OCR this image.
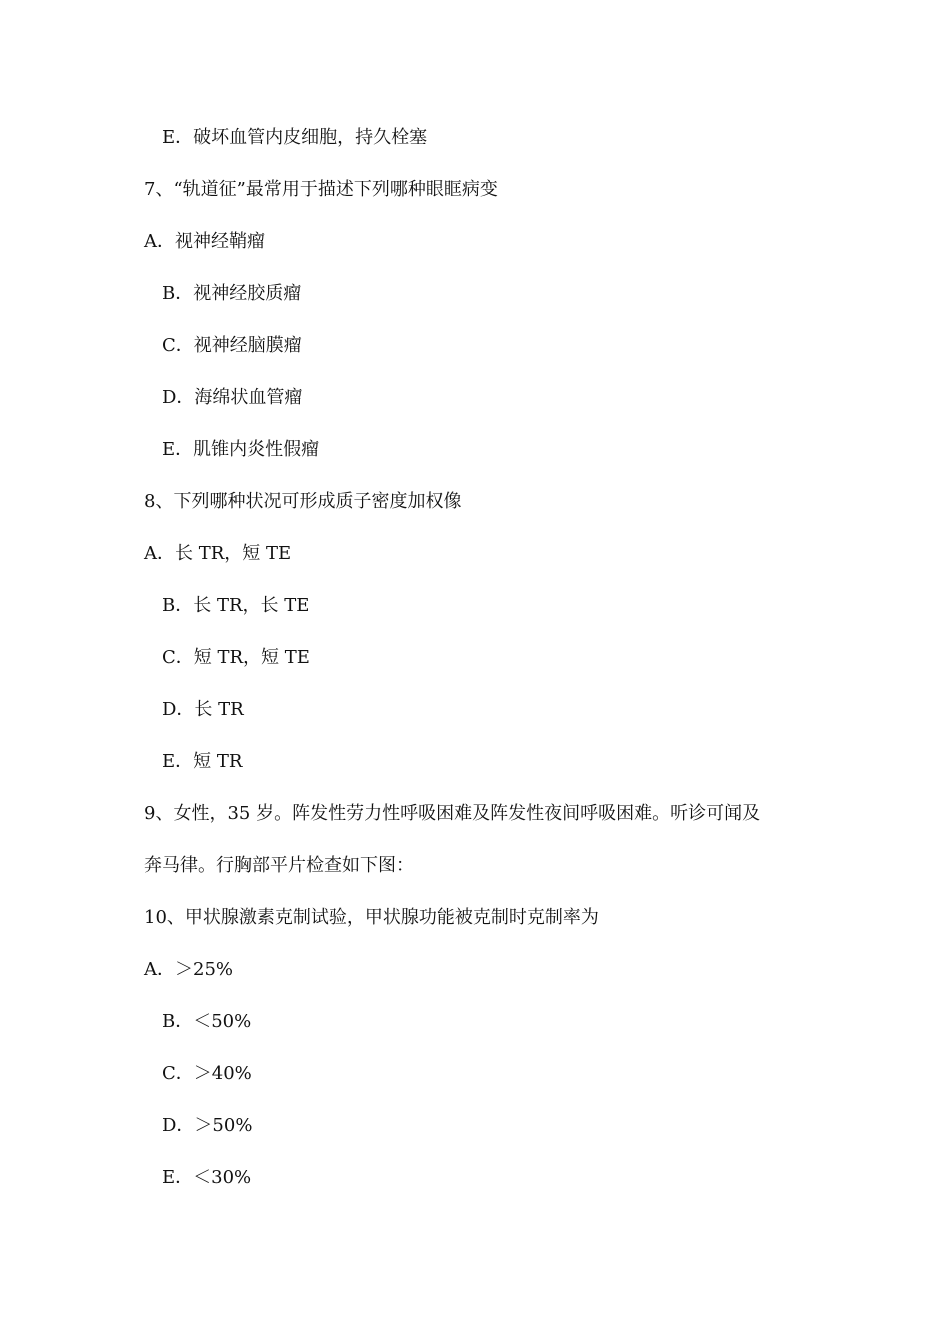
E．破坏血管内皮细胞，持久栓塞
7、“轨道征”最常用于描述下列哪种眼眶病变
A．视神经鞘瘤
B．视神经胶质瘤
C．视神经脑膜瘤
D．海绵状血管瘤
E．肌锥内炎性假瘤
8、下列哪种状况可形成质子密度加权像
A．长 TR，短 TE
B．长 TR，长 TE
C．短 TR，短 TE
D．长 TR
E．短 TR
9、女性，35 岁。阵发性劳力性呼吸困难及阵发性夜间呼吸困难。听诊可闻及
奔马律。行胸部平片检查如下图：
10、甲状腺激素克制试验，甲状腺功能被克制时克制率为
A．＞25%
B．＜50%
C．＞40%
D．＞50%
E．＜30%
